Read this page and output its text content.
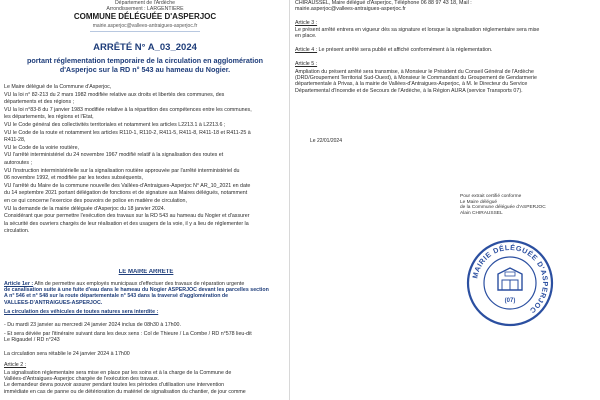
Département de l'Ardèche
Arrondissement : LARGENTIERE
COMMUNE DÉLÉGUÉE D'ASPERJOC
mairie.asperjoc@vallees-antraigues-asperjoc.fr
ARRÊTÉ N° A_03_2024
portant réglementation temporaire de la circulation en agglomération
d'Asperjoc sur la RD n° 543 au hameau du Nogier.
Le Maire délégué de la Commune d'Asperjoc,
VU la loi n° 82-213 du 2 mars 1982 modifiée relative aux droits et libertés des communes, des
départements et des régions ;
VU la loi n°83-8 du 7 janvier 1983 modifiée relative à la répartition des compétences entre les communes,
les départements, les régions et l'État,
VU le Code général des collectivités territoriales et notamment les articles L2213.1 à L2213.6 ;
VU le Code de la route et notamment les articles R110-1, R110-2, R411-5, R411-8, R411-18 et R411-25 à
R411-28,
VU le Code de la voirie routière,
VU l'arrêté interministériel du 24 novembre 1967 modifié relatif à la signalisation des routes et
autoroutes ;
VU l'instruction interministérielle sur la signalisation routière approuvée par l'arrêté interministériel du
06 novembre 1992, et modifiée par les textes subséquents,
VU l'arrêté du Maire de la commune nouvelle des Vallées-d'Antraigues-Asperjoc N° AR_10_2021 en date
du 14 septembre 2021 portant délégation de fonctions et de signature aux Maires délégués, notamment
en ce qui concerne l'exercice des pouvoirs de police en matière de circulation,
VU la demande de la mairie déléguée d'Asperjoc du 18 janvier 2024.
Considérant que pour permettre l'exécution des travaux sur la RD 543 au hameau du Nogier et d'assurer
la sécurité des ouvriers chargés de leur réalisation et des usagers de la voie, il y a lieu de réglementer la
circulation.
LE MAIRE ARRÊTE
Article 1er : Afin de permettre aux employés municipaux d'effectuer des travaux de réparation urgente
de canalisation suite à une fuite d'eau dans le hameau du Nogier ASPERJOC devant les parcelles section
A n° 546 et n° 548 sur la route départementale n° 543 dans la traversé d'agglomération de
VALLÉES-D'ANTRAIGUES-ASPERJOC.
La circulation des véhicules de toutes natures sera interdite :
- Du mardi 23 janvier au mercredi 24 janvier 2024 inclus de 08h30 à 17h00.
- Et sera déviée par l'itinéraire suivant dans les deux sens : Col de Thieure / La Combe / RD n°578 lieu-dit
Le Rigaudel / RD n°243
La circulation sera rétablie le 24 janvier 2024 à 17h00
Article 2 :
La signalisation réglementaire sera mise en place par les soins et à la charge de la Commune de
Vallées-d'Antraigues-Asperjoc chargée de l'exécution des travaux.
Le demandeur devra pouvoir assurer pendant toutes les périodes d'utilisation une intervention
immédiate en cas de panne ou de détérioration du matériel de signalisation du chantier, de jour comme
CHIRAUSSEL, Maire délégué d'Asperjoc, Téléphone 06 88 97 43 18, Mail :
mairie.asperjoc@vallees-antraigues-asperjoc.fr
Article 3 :
Le présent arrêté entrera en vigueur dès sa signature et lorsque la signalisation réglementaire sera mise
en place.
Article 4 : Le présent arrêté sera publié et affiché conformément à la réglementation.
Article 5 :
Ampliation du présent arrêté sera transmise, à Monsieur le Président du Conseil Général de l'Ardèche
(DRD/Groupement Territorial Sud-Ouest), à Monsieur le Commandant du Groupement de Gendarmerie
départementale à Privas, à la mairie de Vallées-d'Antraigues-Asperjoc, à M. le Directeur du Service
Départemental d'Incendie et de Secours de l'Ardèche, à la Région AURA (service Transports 07).
Le 22/01/2024
Pour extrait certifié conforme
Le Maire délégué
de la Commune déléguée d'ASPERJOC
Alain CHIRAUSSEL
MAIRIE DÉLÉGUÉE D'ASPERJOC
(07)
